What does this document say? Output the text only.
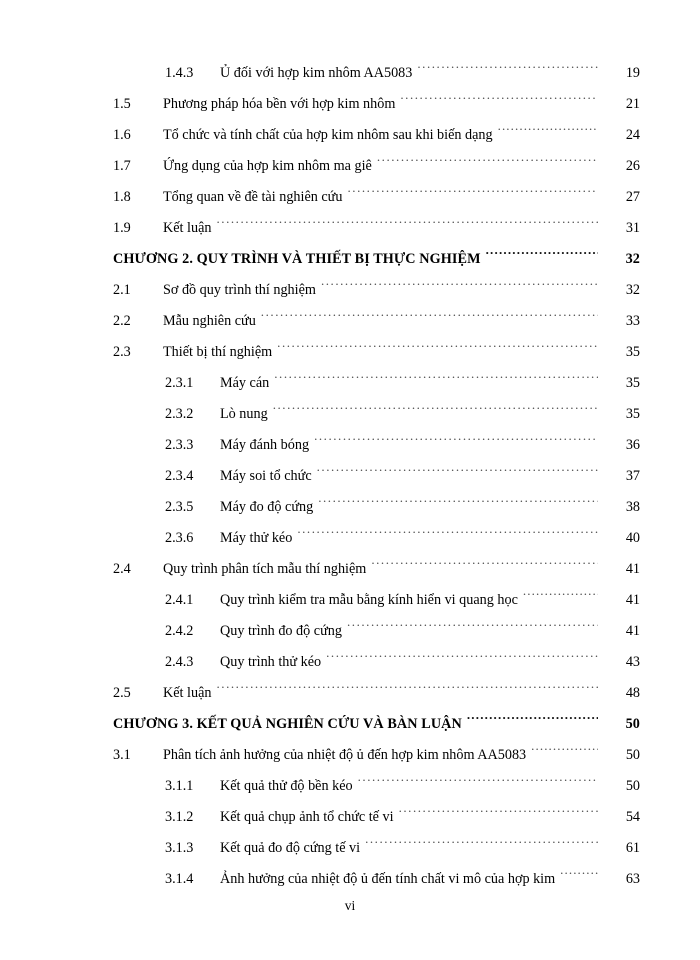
1.4.3	Ủ đối với hợp kim nhôm AA5083 .....	19
1.5	Phương pháp hóa bền với hợp kim nhôm .....	21
1.6	Tổ chức và tính chất của hợp kim nhôm sau khi biến dạng .....	24
1.7	Ứng dụng của hợp kim nhôm ma giê .....	26
1.8	Tổng quan về đề tài nghiên cứu .....	27
1.9	Kết luận .....	31
CHƯƠNG 2. QUY TRÌNH VÀ THIẾT BỊ THỰC NGHIỆM .....	32
2.1	Sơ đồ quy trình thí nghiệm .....	32
2.2	Mẫu nghiên cứu .....	33
2.3	Thiết bị thí nghiệm .....	35
2.3.1	Máy cán .....	35
2.3.2	Lò nung .....	35
2.3.3	Máy đánh bóng .....	36
2.3.4	Máy soi tổ chức .....	37
2.3.5	Máy đo độ cứng .....	38
2.3.6	Máy thử kéo .....	40
2.4	Quy trình phân tích mẫu thí nghiệm .....	41
2.4.1	Quy trình kiểm tra mẫu bằng kính hiển vi quang học .....	41
2.4.2	Quy trình đo độ cứng .....	41
2.4.3	Quy trình thử kéo .....	43
2.5	Kết luận .....	48
CHƯƠNG 3. KẾT QUẢ NGHIÊN CỨU VÀ BÀN LUẬN .....	50
3.1	Phân tích ảnh hưởng của nhiệt độ ủ đến hợp kim nhôm AA5083 .....	50
3.1.1	Kết quả thử độ bền kéo .....	50
3.1.2	Kết quả chụp ảnh tổ chức tế vi .....	54
3.1.3	Kết quả đo độ cứng tế vi .....	61
3.1.4	Ảnh hưởng của nhiệt độ ủ đến tính chất vi mô của hợp kim .....	63
vi
